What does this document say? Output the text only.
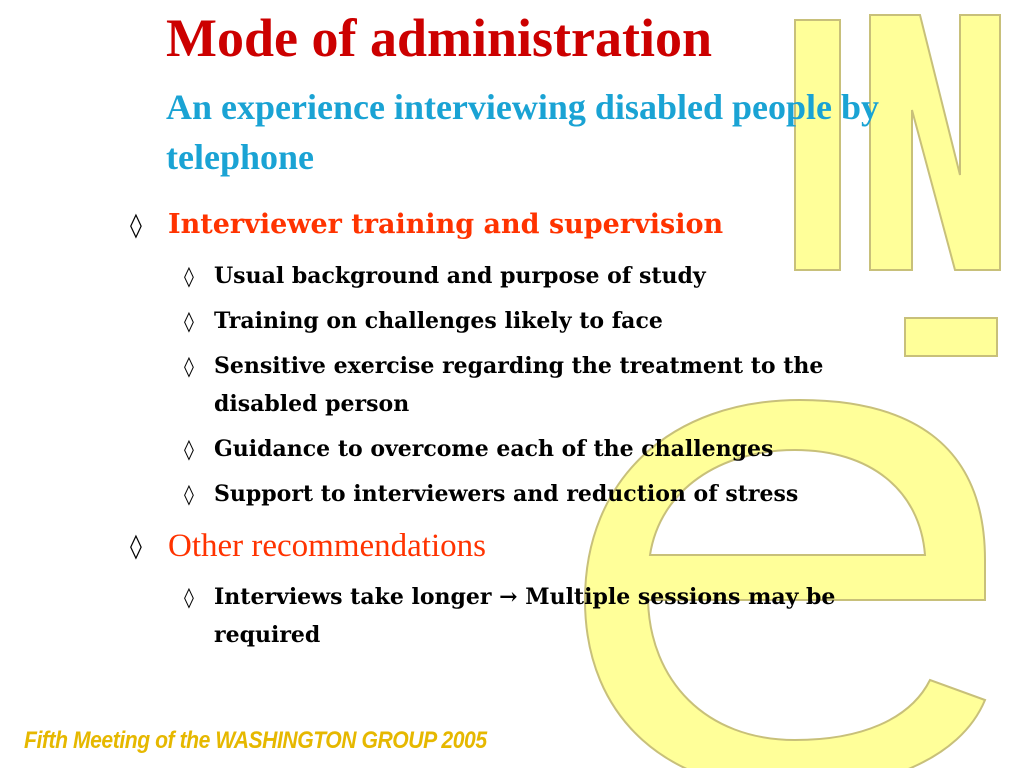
Mode of administration
An experience interviewing disabled people by telephone
◊ Interviewer training and supervision
◊ Usual background and purpose of study
◊ Training on challenges likely to face
◊ Sensitive exercise regarding the treatment to the disabled person
◊ Guidance to overcome each of the challenges
◊ Support to interviewers and reduction of stress
◊ Other recommendations
◊ Interviews take longer → Multiple sessions may be required
Fifth Meeting of the WASHINGTON GROUP 2005
